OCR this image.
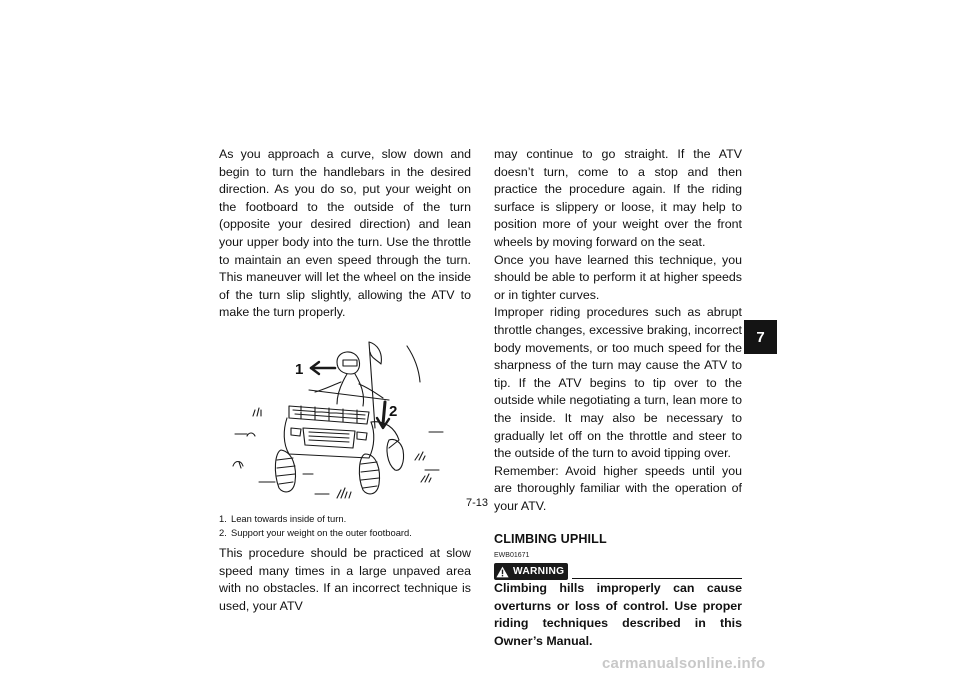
As you approach a curve, slow down and begin to turn the handlebars in the desired direction. As you do so, put your weight on the footboard to the outside of the turn (opposite your desired direction) and lean your upper body into the turn. Use the throttle to maintain an even speed through the turn. This maneuver will let the wheel on the inside of the turn slip slightly, allowing the ATV to make the turn properly.

1
2
1. Lean towards inside of turn.
2. Support your weight on the outer footboard.

This procedure should be practiced at slow speed many times in a large unpaved area with no obstacles. If an incorrect technique is used, your ATV

may continue to go straight. If the ATV doesn’t turn, come to a stop and then practice the procedure again. If the riding surface is slippery or loose, it may help to position more of your weight over the front wheels by moving forward on the seat.

Once you have learned this technique, you should be able to perform it at higher speeds or in tighter curves.

Improper riding procedures such as abrupt throttle changes, excessive braking, incorrect body movements, or too much speed for the sharpness of the turn may cause the ATV to tip. If the ATV begins to tip over to the outside while negotiating a turn, lean more to the inside. It may also be necessary to gradually let off on the throttle and steer to the outside of the turn to avoid tipping over.

Remember: Avoid higher speeds until you are thoroughly familiar with the operation of your ATV.

CLIMBING UPHILL
EWB01671
WARNING

Climbing hills improperly can cause overturns or loss of control. Use proper riding techniques described in this Owner’s Manual.

7-13
7
carmanualsonline.info
